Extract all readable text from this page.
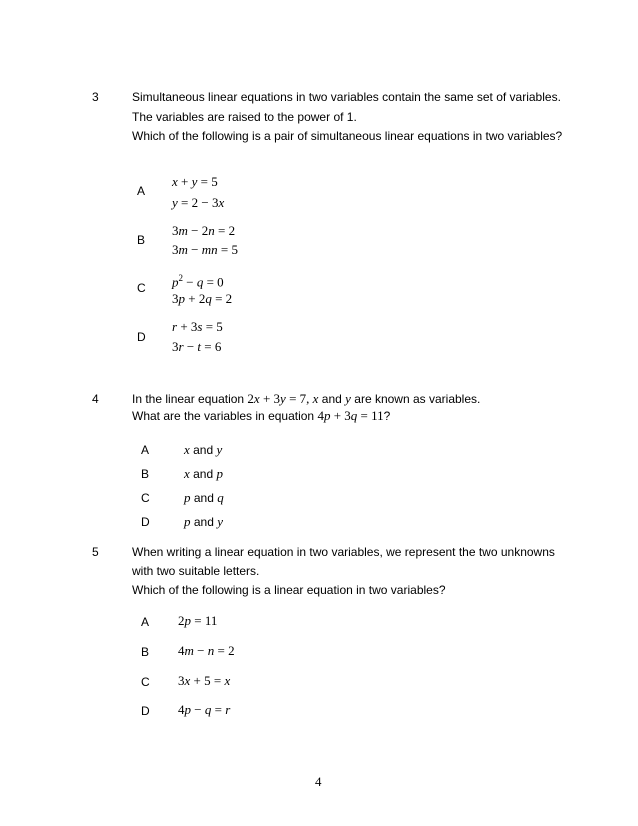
3	Simultaneous linear equations in two variables contain the same set of variables.
The variables are raised to the power of 1.
Which of the following is a pair of simultaneous linear equations in two variables?
A
x + y = 5
y = 2 − 3x
B
3m − 2n = 2
3m − mn = 5
C $p^2 - q = 0$
3p + 2q = 2
D
r + 3s = 5
3r − t = 6
4	In the linear equation 2x + 3y = 7, x and y are known as variables.
What are the variables in equation 4p + 3q = 11?
A	x and y
B	x and p
C	p and q
D	p and y
5	When writing a linear equation in two variables, we represent the two unknowns
with two suitable letters.
Which of the following is a linear equation in two variables?
A 2p = 11
B 4m − n = 2
C 3x + 5 = x
D 4p − q = r
4
